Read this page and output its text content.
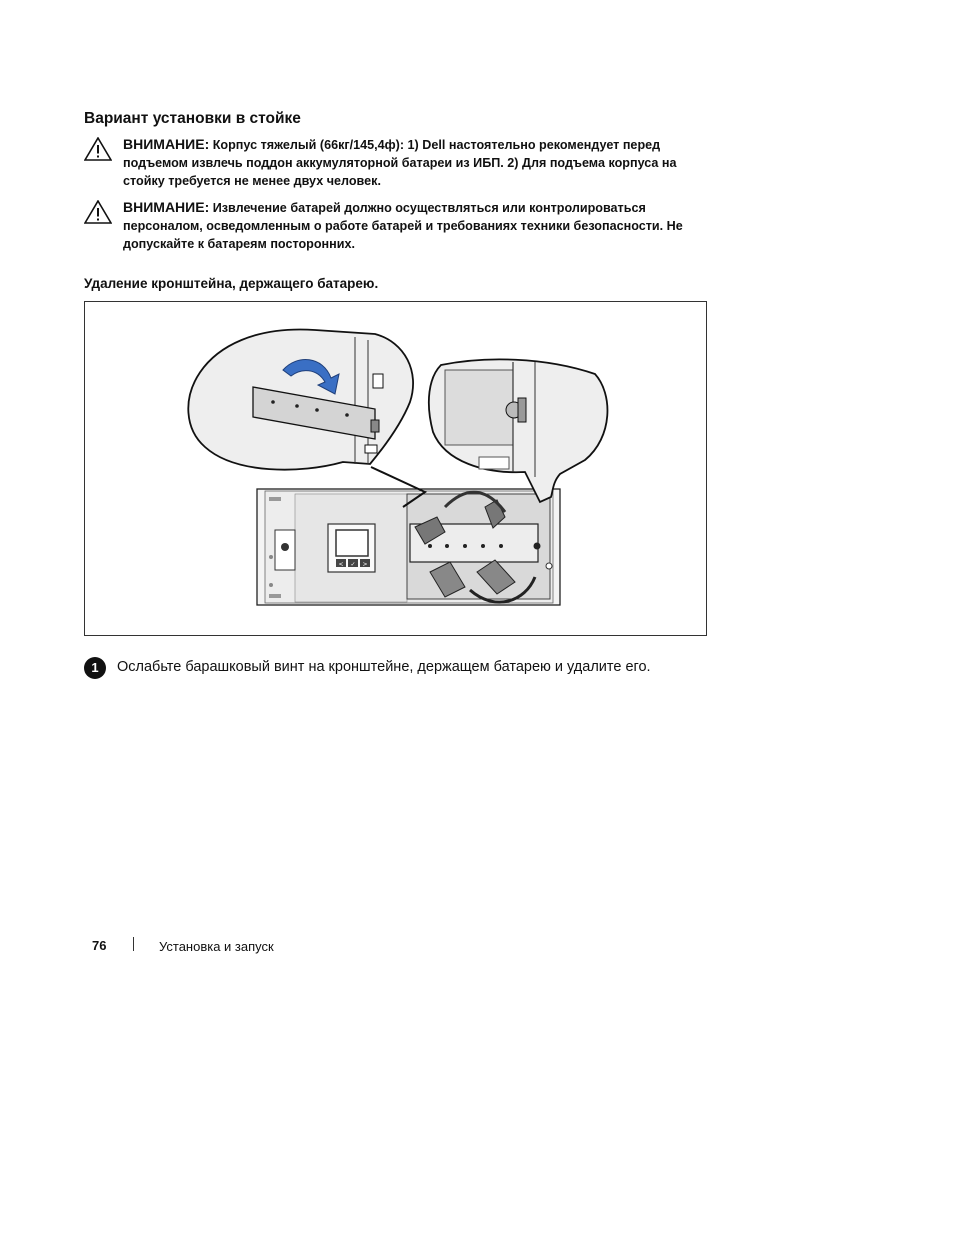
Вариант установки в стойке
ВНИМАНИЕ: Корпус тяжелый (66кг/145,4ф): 1) Dell настоятельно рекомендует перед
подъемом извлечь поддон аккумуляторной батареи из ИБП. 2) Для подъема корпуса на
стойку требуется не менее двух человек.
ВНИМАНИЕ: Извлечение батарей должно осуществляться или контролироваться
персоналом, осведомленным о работе батарей и требованиях техники безопасности. Не
допускайте к батареям посторонних.
Удаление кронштейна, держащего батарею.
< ✓ >
1	Ослабьте барашковый винт на кронштейне, держащем батарею и удалите его.
76	Установка и запуск
